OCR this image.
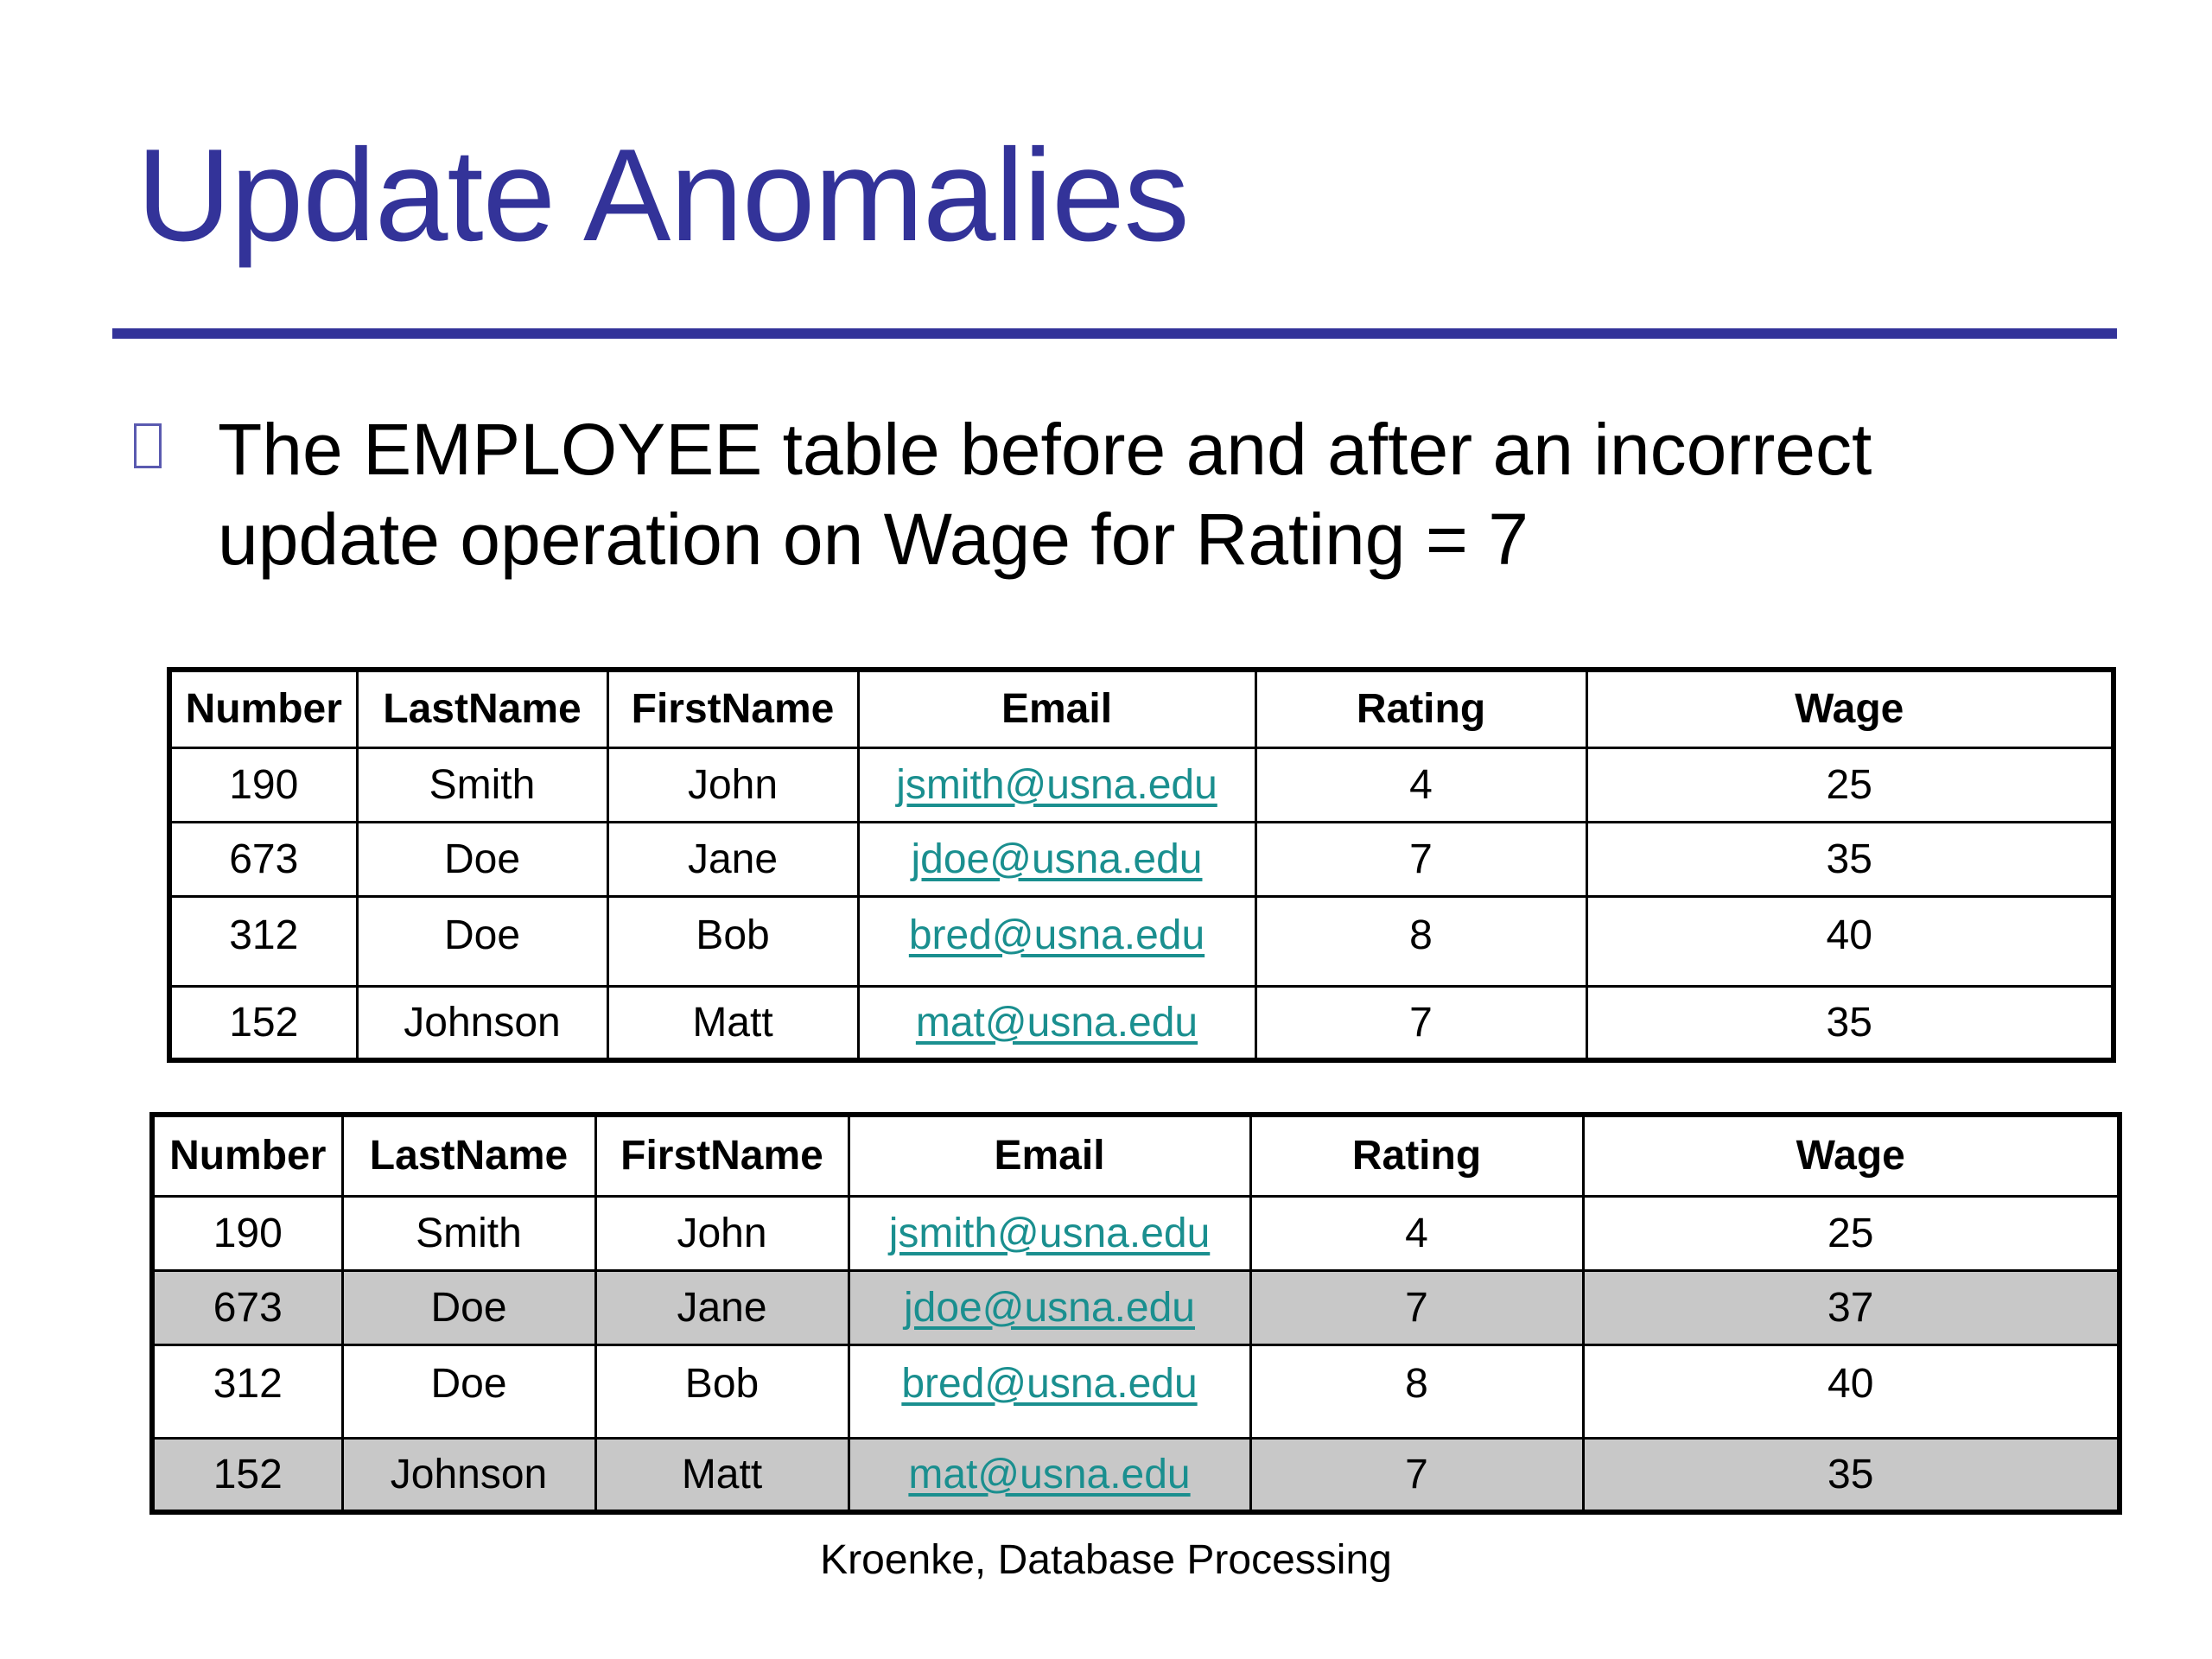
Update Anomalies
The EMPLOYEE table before and after an incorrect update operation on Wage for Rating = 7
Number	LastName	FirstName	Email	Rating	Wage
190	Smith	John	jsmith@usna.edu	4	25
673	Doe	Jane	jdoe@usna.edu	7	35
312	Doe	Bob	bred@usna.edu	8	40
152	Johnson	Matt	mat@usna.edu	7	35
Number	LastName	FirstName	Email	Rating	Wage
190	Smith	John	jsmith@usna.edu	4	25
673	Doe	Jane	jdoe@usna.edu	7	37
312	Doe	Bob	bred@usna.edu	8	40
152	Johnson	Matt	mat@usna.edu	7	35
Kroenke, Database Processing
